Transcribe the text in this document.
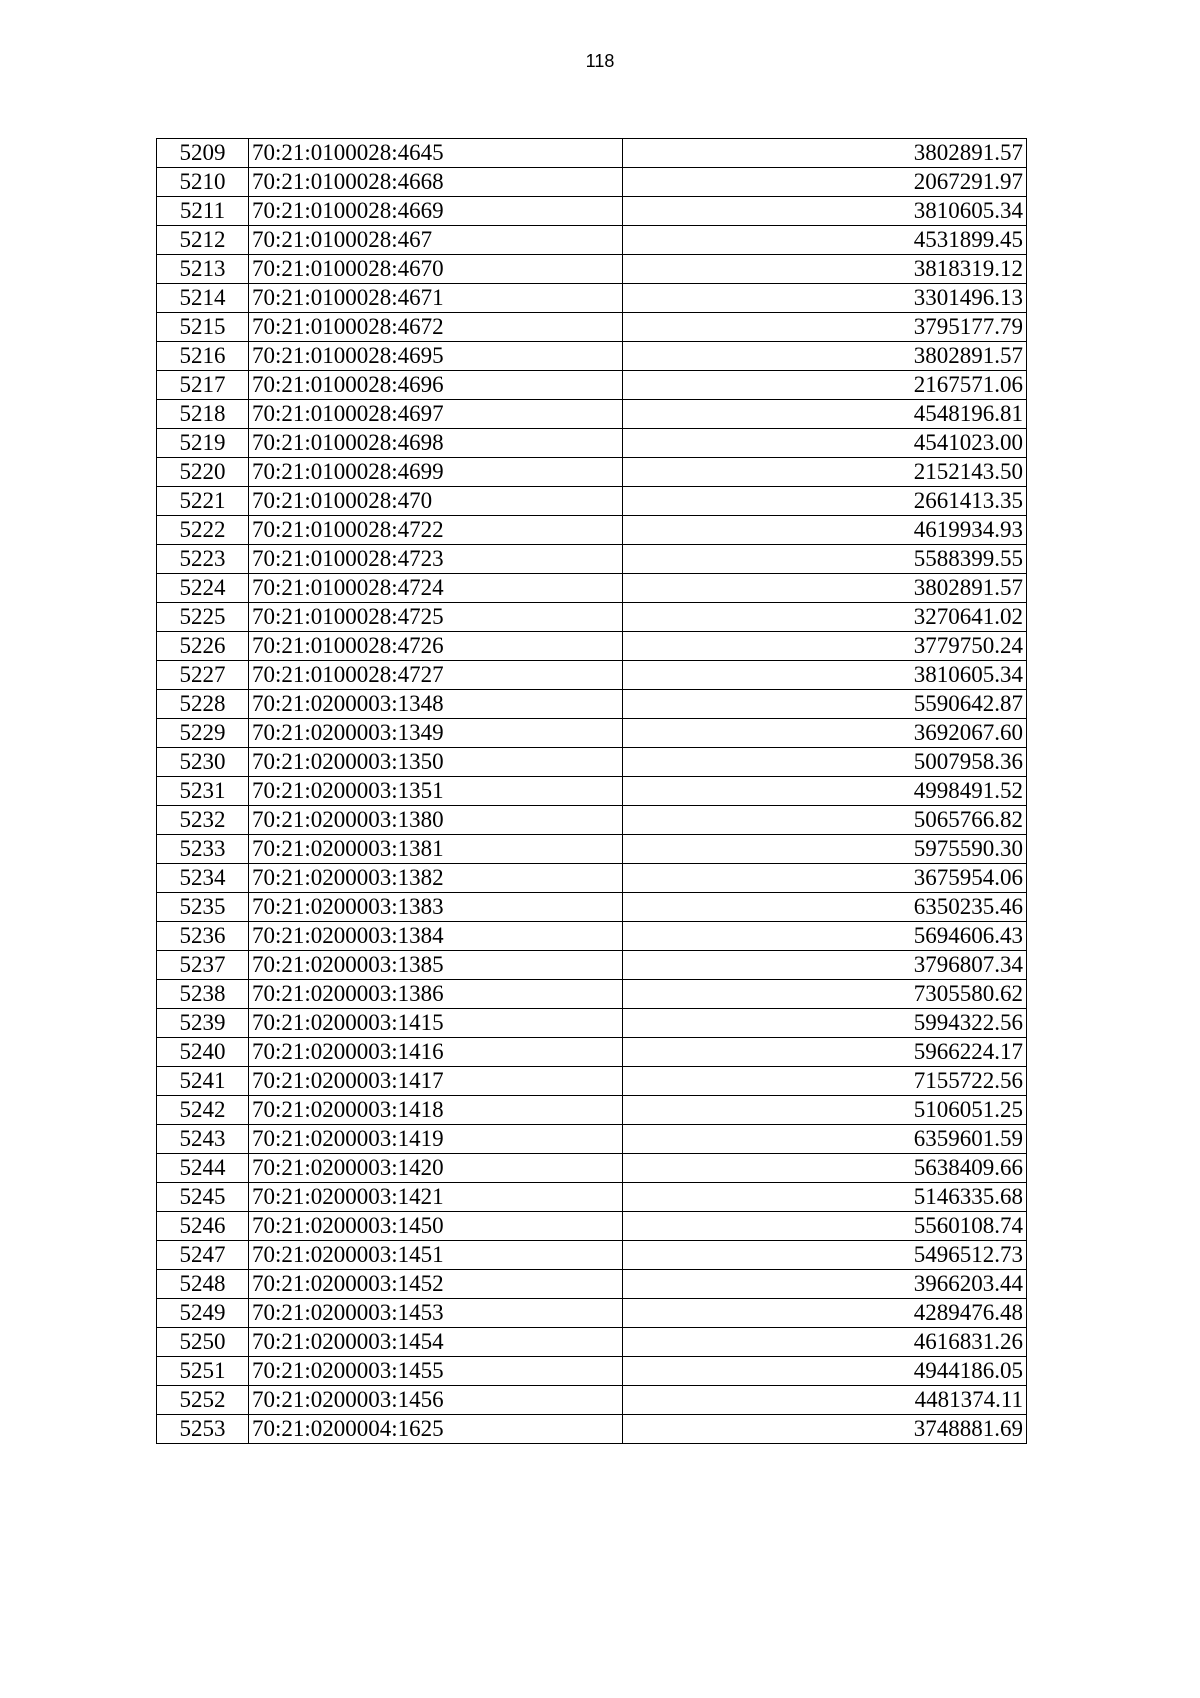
118
5209	70:21:0100028:4645	3802891.57
5210	70:21:0100028:4668	2067291.97
5211	70:21:0100028:4669	3810605.34
5212	70:21:0100028:467	4531899.45
5213	70:21:0100028:4670	3818319.12
5214	70:21:0100028:4671	3301496.13
5215	70:21:0100028:4672	3795177.79
5216	70:21:0100028:4695	3802891.57
5217	70:21:0100028:4696	2167571.06
5218	70:21:0100028:4697	4548196.81
5219	70:21:0100028:4698	4541023.00
5220	70:21:0100028:4699	2152143.50
5221	70:21:0100028:470	2661413.35
5222	70:21:0100028:4722	4619934.93
5223	70:21:0100028:4723	5588399.55
5224	70:21:0100028:4724	3802891.57
5225	70:21:0100028:4725	3270641.02
5226	70:21:0100028:4726	3779750.24
5227	70:21:0100028:4727	3810605.34
5228	70:21:0200003:1348	5590642.87
5229	70:21:0200003:1349	3692067.60
5230	70:21:0200003:1350	5007958.36
5231	70:21:0200003:1351	4998491.52
5232	70:21:0200003:1380	5065766.82
5233	70:21:0200003:1381	5975590.30
5234	70:21:0200003:1382	3675954.06
5235	70:21:0200003:1383	6350235.46
5236	70:21:0200003:1384	5694606.43
5237	70:21:0200003:1385	3796807.34
5238	70:21:0200003:1386	7305580.62
5239	70:21:0200003:1415	5994322.56
5240	70:21:0200003:1416	5966224.17
5241	70:21:0200003:1417	7155722.56
5242	70:21:0200003:1418	5106051.25
5243	70:21:0200003:1419	6359601.59
5244	70:21:0200003:1420	5638409.66
5245	70:21:0200003:1421	5146335.68
5246	70:21:0200003:1450	5560108.74
5247	70:21:0200003:1451	5496512.73
5248	70:21:0200003:1452	3966203.44
5249	70:21:0200003:1453	4289476.48
5250	70:21:0200003:1454	4616831.26
5251	70:21:0200003:1455	4944186.05
5252	70:21:0200003:1456	4481374.11
5253	70:21:0200004:1625	3748881.69
